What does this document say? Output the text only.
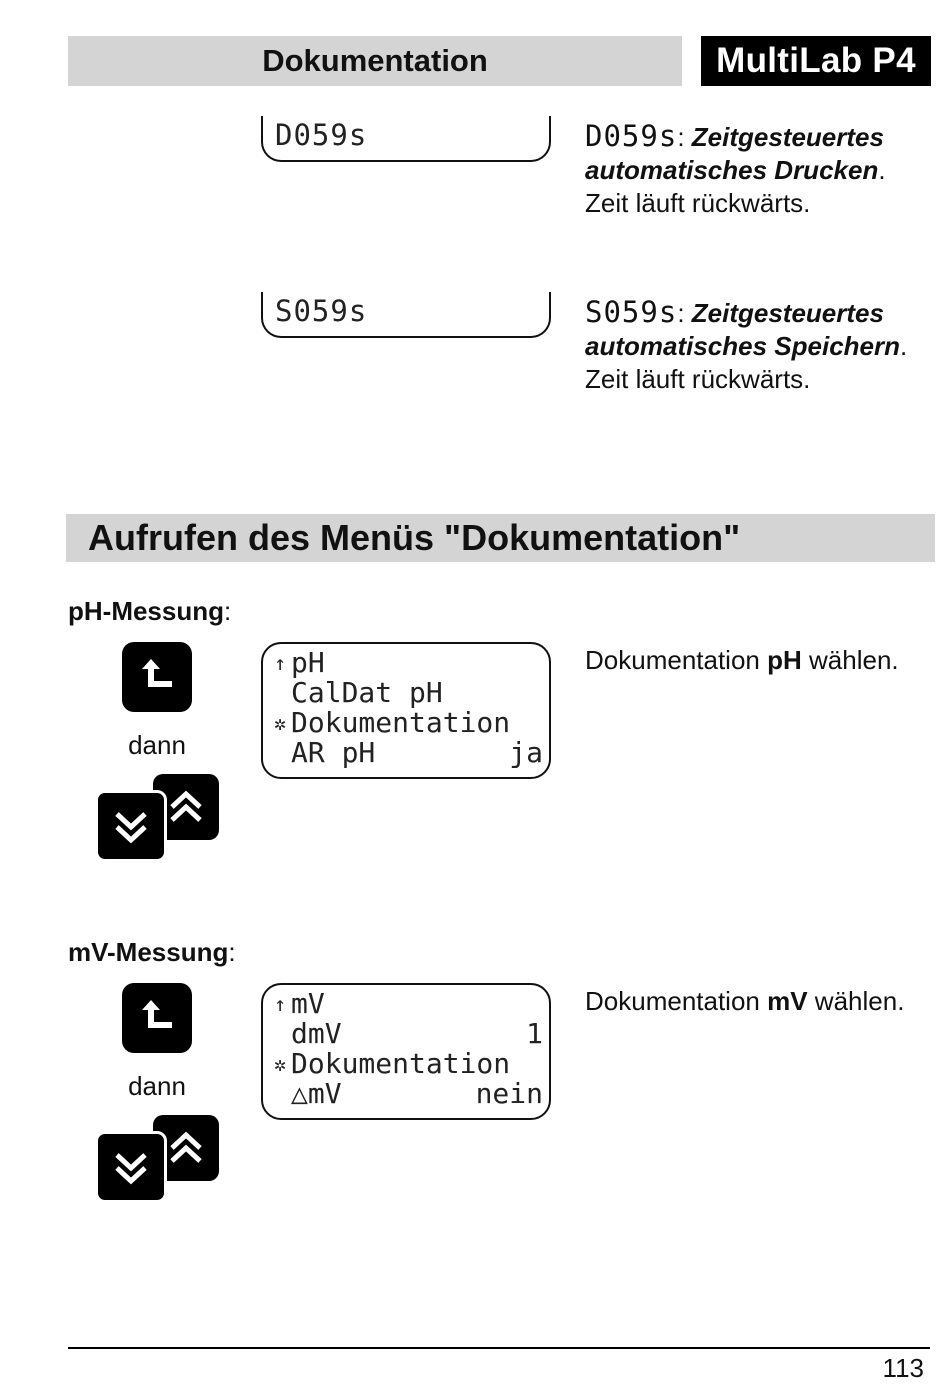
Dokumentation	MultiLab P4
D059s	D059s: Zeitgesteuertes
automatisches Drucken.
Zeit läuft rückwärts.
S059s	S059s: Zeitgesteuertes
automatisches Speichern.
Zeit läuft rückwärts.
Aufrufen des Menüs "Dokumentation"
pH-Messung:
dann
↑ pH
CalDat pH
✲ Dokumentation
AR pH	ja
Dokumentation pH wählen.
mV-Messung:
dann
↑ mV
dmV	1
✲ Dokumentation
△mV	nein
Dokumentation mV wählen.
113
